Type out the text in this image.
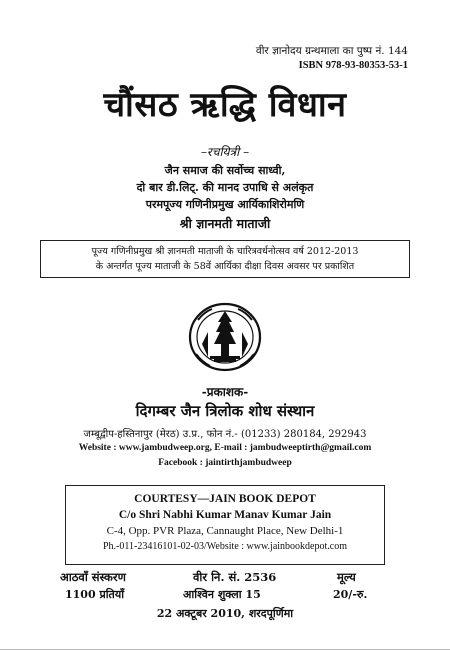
वीर ज्ञानोदय ग्रन्थमाला का पुष्प नं. 144
ISBN 978-93-80353-53-1
चौंसठ ऋद्धि विधान
–रचयित्री –
जैन समाज की सर्वोच्च साध्वी,
दो बार डी.लिट्. की मानद उपाधि से अलंकृत
परमपूज्य गणिनीप्रमुख आर्यिकाशिरोमणि
श्री ज्ञानमती माताजी
पूज्य गणिनीप्रमुख श्री ज्ञानमती माताजी के चारित्रवर्धनोत्सव वर्ष 2012-2013
के अन्तर्गत पूज्य माताजी के 58वें आर्यिका दीक्षा दिवस अवसर पर प्रकाशित
-प्रकाशक-
दिगम्बर जैन त्रिलोक शोध संस्थान
जम्बूद्वीप-हस्तिनापुर (मेरठ) उ.प्र., फोन नं.- (01233) 280184, 292943
Website : www.jambudweep.org, E-mail : jambudweeptirth@gmail.com
Facebook : jaintirthjambudweep
COURTESY—JAIN BOOK DEPOT
C/o Shri Nabhi Kumar Manav Kumar Jain
C-4, Opp. PVR Plaza, Cannaught Place, New Delhi-1
Ph.-011-23416101-02-03/Website : www.jainbookdepot.com
आठवाँ संस्करण
1100 प्रतियाँ
वीर नि. सं. 2536
आश्विन शुक्ला 15
मूल्य
20/-रु.
22 अक्टूबर 2010, शरदपूर्णिमा
